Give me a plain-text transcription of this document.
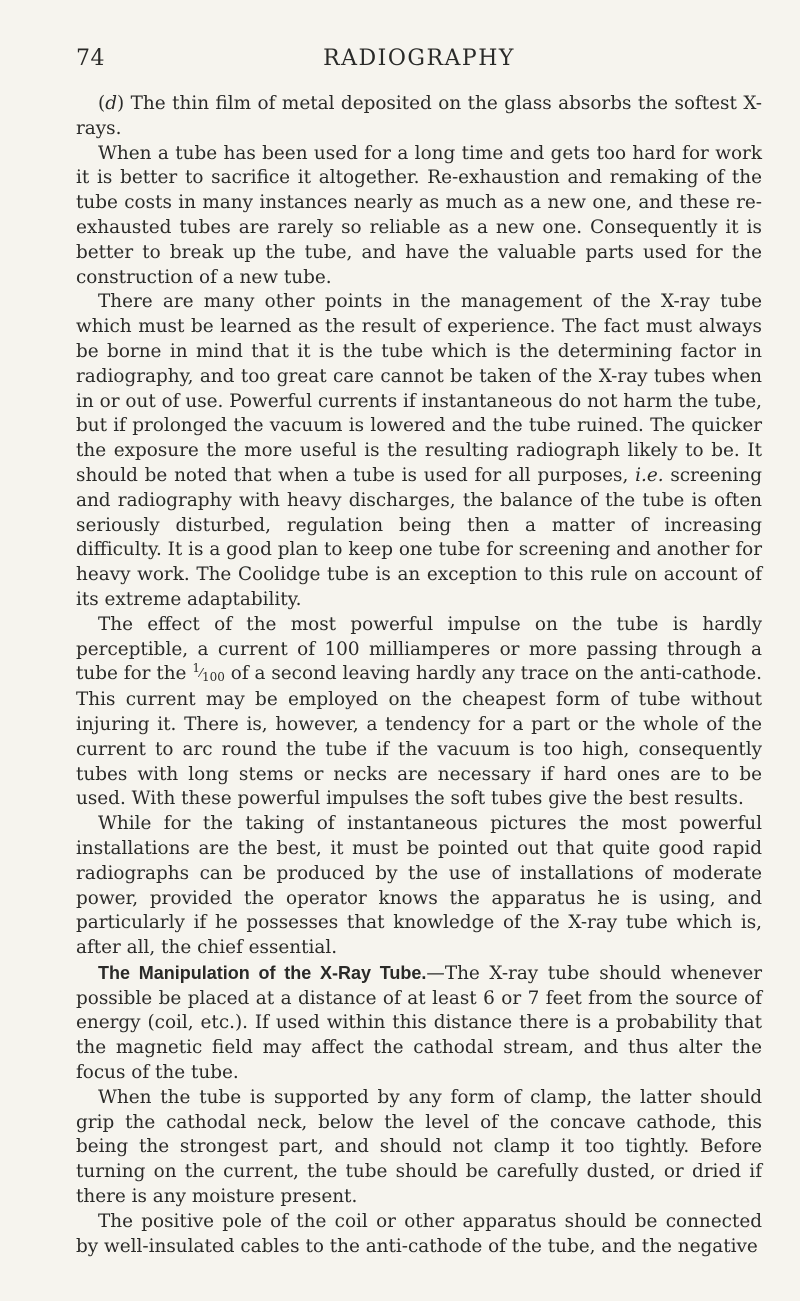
74	RADIOGRAPHY

(d) The thin film of metal deposited on the glass absorbs the softest X-rays.

When a tube has been used for a long time and gets too hard for work it is better to sacrifice it altogether. Re-exhaustion and remaking of the tube costs in many instances nearly as much as a new one, and these re-exhausted tubes are rarely so reliable as a new one. Consequently it is better to break up the tube, and have the valuable parts used for the construction of a new tube.

There are many other points in the management of the X-ray tube which must be learned as the result of experience. The fact must always be borne in mind that it is the tube which is the determining factor in radiography, and too great care cannot be taken of the X-ray tubes when in or out of use. Powerful currents if instantaneous do not harm the tube, but if prolonged the vacuum is lowered and the tube ruined. The quicker the exposure the more useful is the resulting radiograph likely to be. It should be noted that when a tube is used for all purposes, i.e. screening and radiography with heavy discharges, the balance of the tube is often seriously disturbed, regulation being then a matter of increasing difficulty. It is a good plan to keep one tube for screening and another for heavy work. The Coolidge tube is an exception to this rule on account of its extreme adaptability.

The effect of the most powerful impulse on the tube is hardly perceptible, a current of 100 milliamperes or more passing through a tube for the 1⁄100 of a second leaving hardly any trace on the anti-cathode. This current may be employed on the cheapest form of tube without injuring it. There is, however, a tendency for a part or the whole of the current to arc round the tube if the vacuum is too high, consequently tubes with long stems or necks are necessary if hard ones are to be used. With these powerful impulses the soft tubes give the best results.

While for the taking of instantaneous pictures the most powerful installations are the best, it must be pointed out that quite good rapid radiographs can be produced by the use of installations of moderate power, provided the operator knows the apparatus he is using, and particularly if he possesses that knowledge of the X-ray tube which is, after all, the chief essential.

The Manipulation of the X-Ray Tube.—The X-ray tube should whenever possible be placed at a distance of at least 6 or 7 feet from the source of energy (coil, etc.). If used within this distance there is a probability that the magnetic field may affect the cathodal stream, and thus alter the focus of the tube.

When the tube is supported by any form of clamp, the latter should grip the cathodal neck, below the level of the concave cathode, this being the strongest part, and should not clamp it too tightly. Before turning on the current, the tube should be carefully dusted, or dried if there is any moisture present.

The positive pole of the coil or other apparatus should be connected by well-insulated cables to the anti-cathode of the tube, and the negative
